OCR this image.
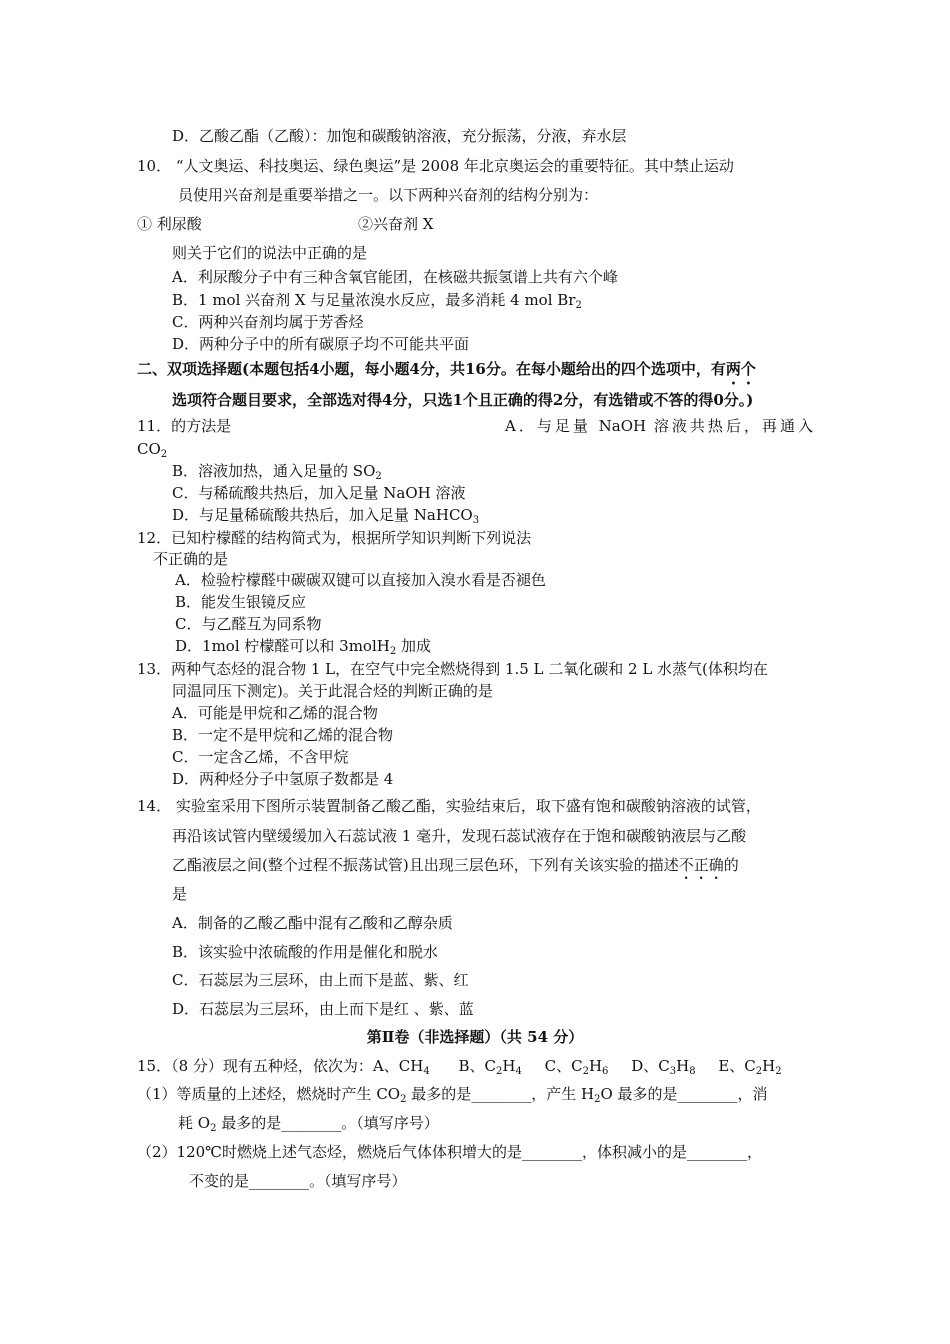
D．乙酸乙酯（乙酸）：加饱和碳酸钠溶液，充分振荡，分液，弃水层
10． “人文奥运、科技奥运、绿色奥运”是 2008 年北京奥运会的重要特征。其中禁止运动
员使用兴奋剂是重要举措之一。以下两种兴奋剂的结构分别为：
① 利尿酸	②兴奋剂 X
则关于它们的说法中正确的是
A．利尿酸分子中有三种含氧官能团，在核磁共振氢谱上共有六个峰
B．1 mol 兴奋剂 X 与足量浓溴水反应，最多消耗 4 mol $Br_2$
C．两种兴奋剂均属于芳香烃
D．两种分子中的所有碳原子均不可能共平面
二、双项选择题(本题包括4小题，每小题4分，共16分。在每小题给出的四个选项中，有两个
选项符合题目要求，全部选对得4分，只选1个且正确的得2分，有选错或不答的得0分。)
11．的方法是	A．与足量 NaOH 溶液共热后，再通入
$CO_2$
B．溶液加热，通入足量的 $SO_2$
C．与稀硫酸共热后，加入足量 NaOH 溶液
D．与足量稀硫酸共热后，加入足量 NaHCO$_3$
12．已知柠檬醛的结构简式为，根据所学知识判断下列说法
不正确的是
A．检验柠檬醛中碳碳双键可以直接加入溴水看是否褪色
B．能发生银镜反应
C．与乙醛互为同系物
D．1mol 柠檬醛可以和 3molH$_2$ 加成
13．两种气态烃的混合物 1 L，在空气中完全燃烧得到 1.5 L 二氧化碳和 2 L 水蒸气(体积均在
同温同压下测定)。关于此混合烃的判断正确的是
A．可能是甲烷和乙烯的混合物
B．一定不是甲烷和乙烯的混合物
C．一定含乙烯，不含甲烷
D．两种烃分子中氢原子数都是 4
14． 实验室采用下图所示装置制备乙酸乙酯，实验结束后，取下盛有饱和碳酸钠溶液的试管，
再沿该试管内壁缓缓加入石蕊试液 1 毫升，发现石蕊试液存在于饱和碳酸钠液层与乙酸
乙酯液层之间(整个过程不振荡试管)且出现三层色环，下列有关该实验的描述不正确的
是
A．制备的乙酸乙酯中混有乙酸和乙醇杂质
B．该实验中浓硫酸的作用是催化和脱水
C．石蕊层为三层环，由上而下是蓝、紫、红
D．石蕊层为三层环，由上而下是红 、紫、蓝
第Ⅱ卷（非选择题）（共 54 分）
15．（8 分）现有五种烃，依次为：A、$CH_4$ B、$C_2H_4$ C、$C_2H_6$ D、$C_3H_8$ E、$C_2H_2$
（1）等质量的上述烃，燃烧时产生 $CO_2$ 最多的是________，产生 $H_2O$ 最多的是________，消
耗 $O_2$ 最多的是________。（填写序号）
（2）120℃时燃烧上述气态烃，燃烧后气体体积增大的是________，体积减小的是________，
不变的是________。（填写序号）
